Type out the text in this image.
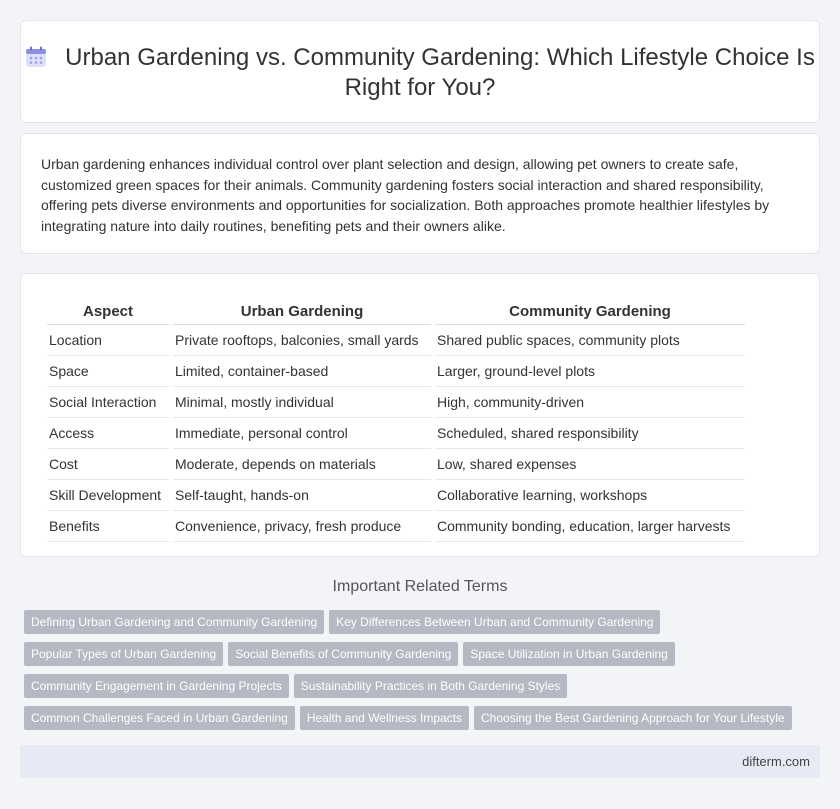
Urban Gardening vs. Community Gardening: Which Lifestyle Choice Is Right for You?
Urban gardening enhances individual control over plant selection and design, allowing pet owners to create safe, customized green spaces for their animals. Community gardening fosters social interaction and shared responsibility, offering pets diverse environments and opportunities for socialization. Both approaches promote healthier lifestyles by integrating nature into daily routines, benefiting pets and their owners alike.
Aspect	Urban Gardening	Community Gardening
Location	Private rooftops, balconies, small yards	Shared public spaces, community plots
Space	Limited, container-based	Larger, ground-level plots
Social Interaction	Minimal, mostly individual	High, community-driven
Access	Immediate, personal control	Scheduled, shared responsibility
Cost	Moderate, depends on materials	Low, shared expenses
Skill Development	Self-taught, hands-on	Collaborative learning, workshops
Benefits	Convenience, privacy, fresh produce	Community bonding, education, larger harvests
Important Related Terms
Defining Urban Gardening and Community Gardening Key Differences Between Urban and Community Gardening
Popular Types of Urban Gardening Social Benefits of Community Gardening Space Utilization in Urban Gardening
Community Engagement in Gardening Projects Sustainability Practices in Both Gardening Styles
Common Challenges Faced in Urban Gardening Health and Wellness Impacts Choosing the Best Gardening Approach for Your Lifestyle
difterm.com
